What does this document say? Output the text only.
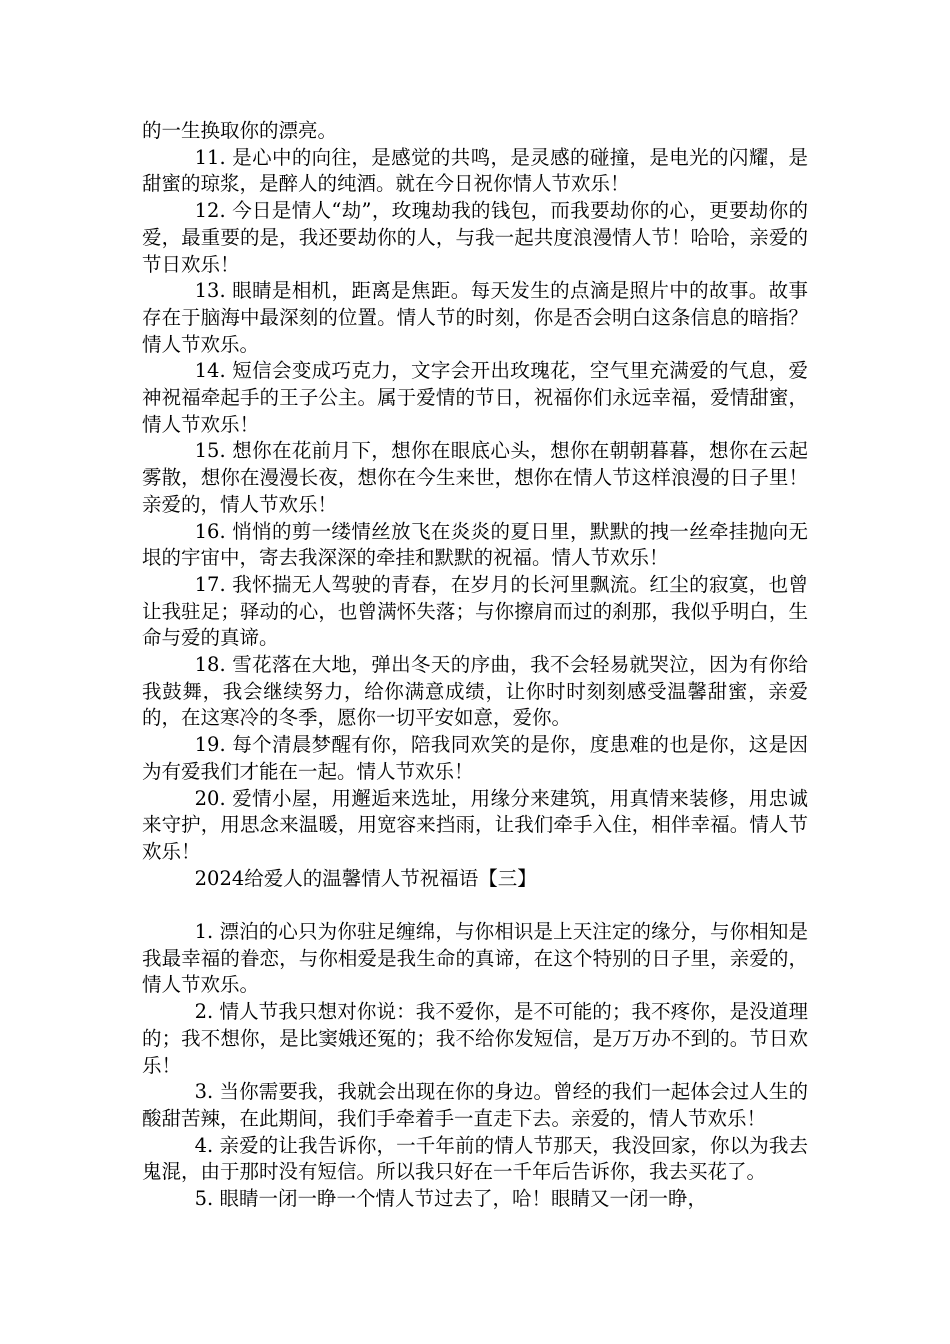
的一生换取你的漂亮。

11. 是心中的向往，是感觉的共鸣，是灵感的碰撞，是电光的闪耀，是甜蜜的琼浆，是醉人的纯酒。就在今日祝你情人节欢乐！

12. 今日是情人“劫”，玫瑰劫我的钱包，而我要劫你的心，更要劫你的爱，最重要的是，我还要劫你的人，与我一起共度浪漫情人节！哈哈，亲爱的节日欢乐！

13. 眼睛是相机，距离是焦距。每天发生的点滴是照片中的故事。故事存在于脑海中最深刻的位置。情人节的时刻，你是否会明白这条信息的暗指？情人节欢乐。

14. 短信会变成巧克力，文字会开出玫瑰花，空气里充满爱的气息，爱神祝福牵起手的王子公主。属于爱情的节日，祝福你们永远幸福，爱情甜蜜，情人节欢乐！

15. 想你在花前月下，想你在眼底心头，想你在朝朝暮暮，想你在云起雾散，想你在漫漫长夜，想你在今生来世，想你在情人节这样浪漫的日子里！亲爱的，情人节欢乐！

16. 悄悄的剪一缕情丝放飞在炎炎的夏日里，默默的拽一丝牵挂抛向无垠的宇宙中，寄去我深深的牵挂和默默的祝福。情人节欢乐！

17. 我怀揣无人驾驶的青春，在岁月的长河里飘流。红尘的寂寞，也曾让我驻足；驿动的心，也曾满怀失落；与你擦肩而过的刹那，我似乎明白，生命与爱的真谛。

18. 雪花落在大地，弹出冬天的序曲，我不会轻易就哭泣，因为有你给我鼓舞，我会继续努力，给你满意成绩，让你时时刻刻感受温馨甜蜜，亲爱的，在这寒冷的冬季，愿你一切平安如意，爱你。

19. 每个清晨梦醒有你，陪我同欢笑的是你，度患难的也是你，这是因为有爱我们才能在一起。情人节欢乐！

20. 爱情小屋，用邂逅来选址，用缘分来建筑，用真情来装修，用忠诚来守护，用思念来温暖，用宽容来挡雨，让我们牵手入住，相伴幸福。情人节欢乐！

2024给爱人的温馨情人节祝福语【三】

1. 漂泊的心只为你驻足缠绵，与你相识是上天注定的缘分，与你相知是我最幸福的眷恋，与你相爱是我生命的真谛，在这个特别的日子里，亲爱的，情人节欢乐。

2. 情人节我只想对你说：我不爱你，是不可能的；我不疼你，是没道理的；我不想你，是比窦娥还冤的；我不给你发短信，是万万办不到的。节日欢乐！

3. 当你需要我，我就会出现在你的身边。曾经的我们一起体会过人生的酸甜苦辣，在此期间，我们手牵着手一直走下去。亲爱的，情人节欢乐！

4. 亲爱的让我告诉你，一千年前的情人节那天，我没回家，你以为我去鬼混，由于那时没有短信。所以我只好在一千年后告诉你，我去买花了。

5. 眼睛一闭一睁一个情人节过去了，哈！眼睛又一闭一睁，
